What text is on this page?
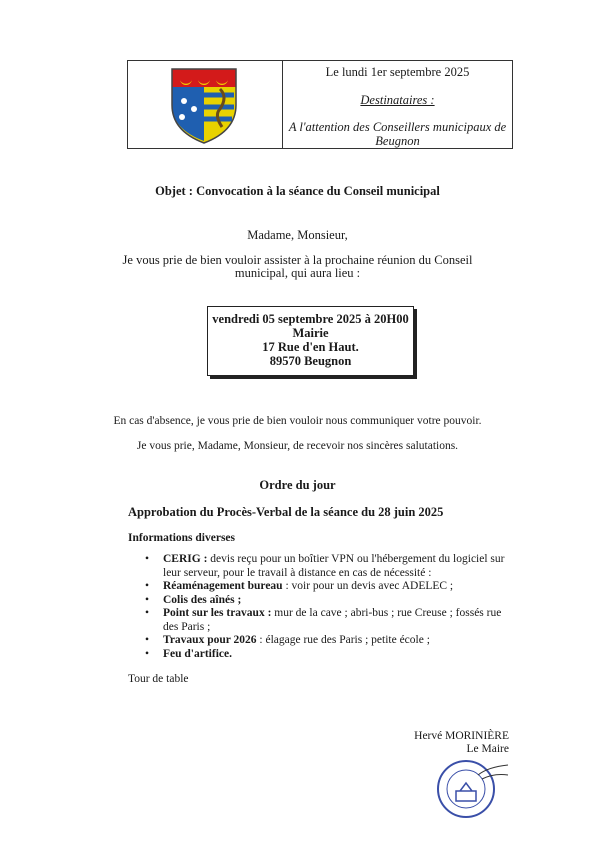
Le lundi 1er septembre 2025
Destinataires :
A l'attention des Conseillers municipaux de
Beugnon
Objet : Convocation à la séance du Conseil municipal
Madame, Monsieur,
Je vous prie de bien vouloir assister à la prochaine réunion du Conseil
municipal, qui aura lieu :
vendredi 05 septembre 2025 à 20H00
Mairie
17 Rue d'en Haut.
89570 Beugnon
En cas d'absence, je vous prie de bien vouloir nous communiquer votre pouvoir.
Je vous prie, Madame, Monsieur, de recevoir nos sincères salutations.
Ordre du jour
Approbation du Procès-Verbal de la séance du 28 juin 2025
Informations diverses
• CERIG : devis reçu pour un boîtier VPN ou l'hébergement du logiciel sur leur serveur, pour le travail à distance en cas de nécessité :
• Réaménagement bureau : voir pour un devis avec ADELEC ;
• Colis des aînés ;
• Point sur les travaux : mur de la cave ; abri-bus ; rue Creuse ; fossés rue des Paris ;
• Travaux pour 2026 : élagage rue des Paris ; petite école ;
• Feu d'artifice.
Tour de table
Hervé MORINIÈRE
Le Maire
